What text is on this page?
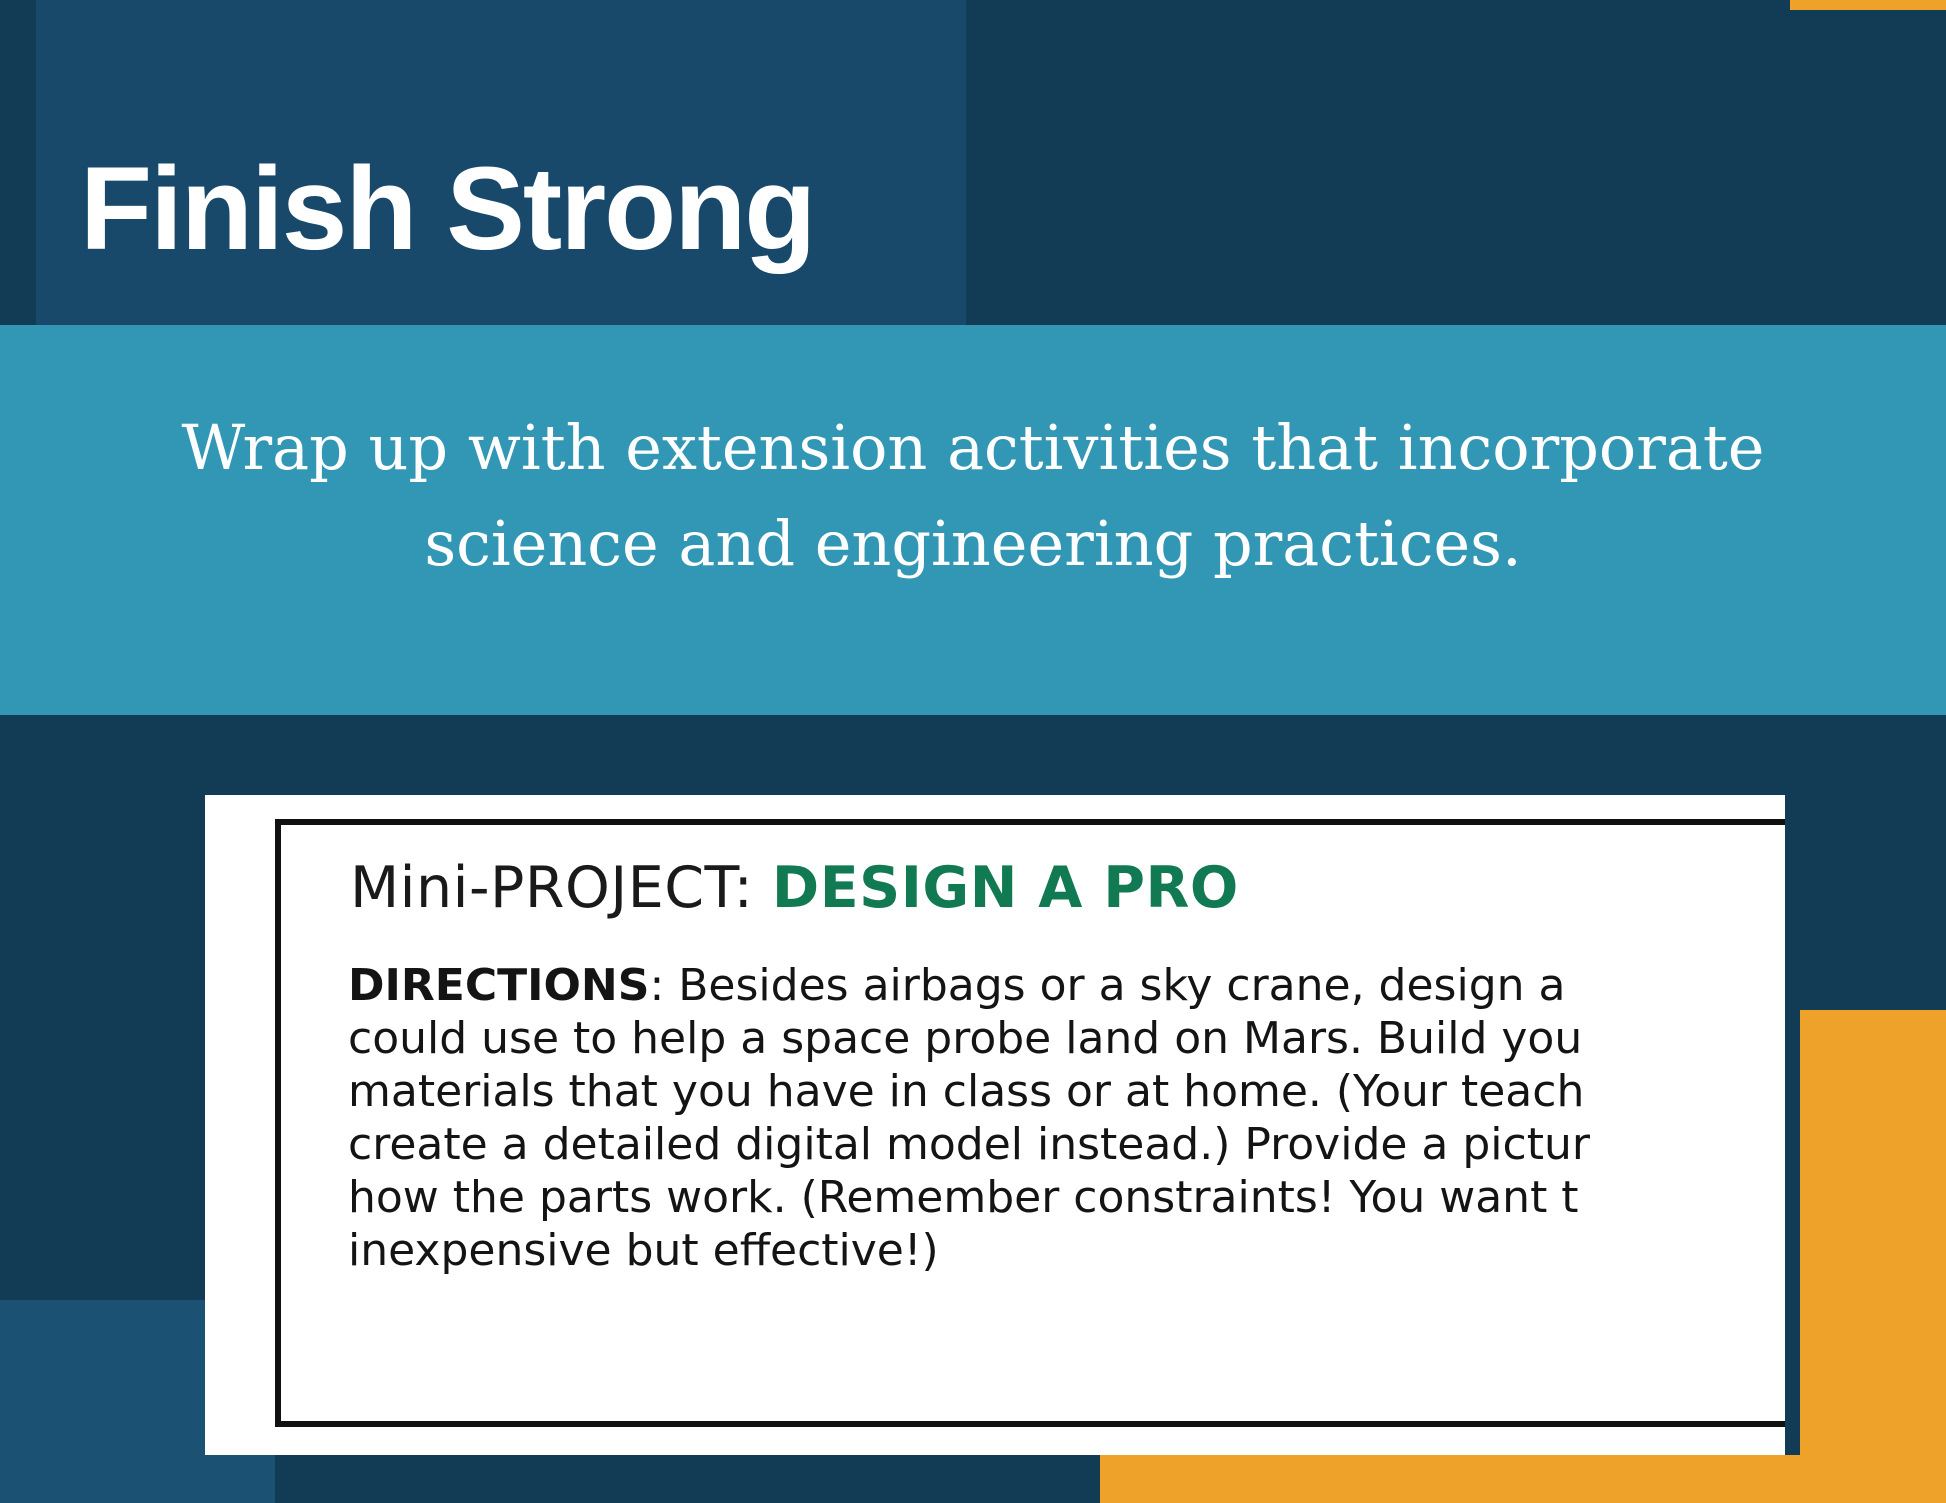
Finish Strong
Wrap up with extension activities that incorporate science and engineering practices.
Mini-PROJECT: DESIGN A PRO
DIRECTIONS: Besides airbags or a sky crane, design a
could use to help a space probe land on Mars. Build you
materials that you have in class or at home. (Your teach
create a detailed digital model instead.) Provide a pictur
how the parts work. (Remember constraints! You want t
inexpensive but effective!)
